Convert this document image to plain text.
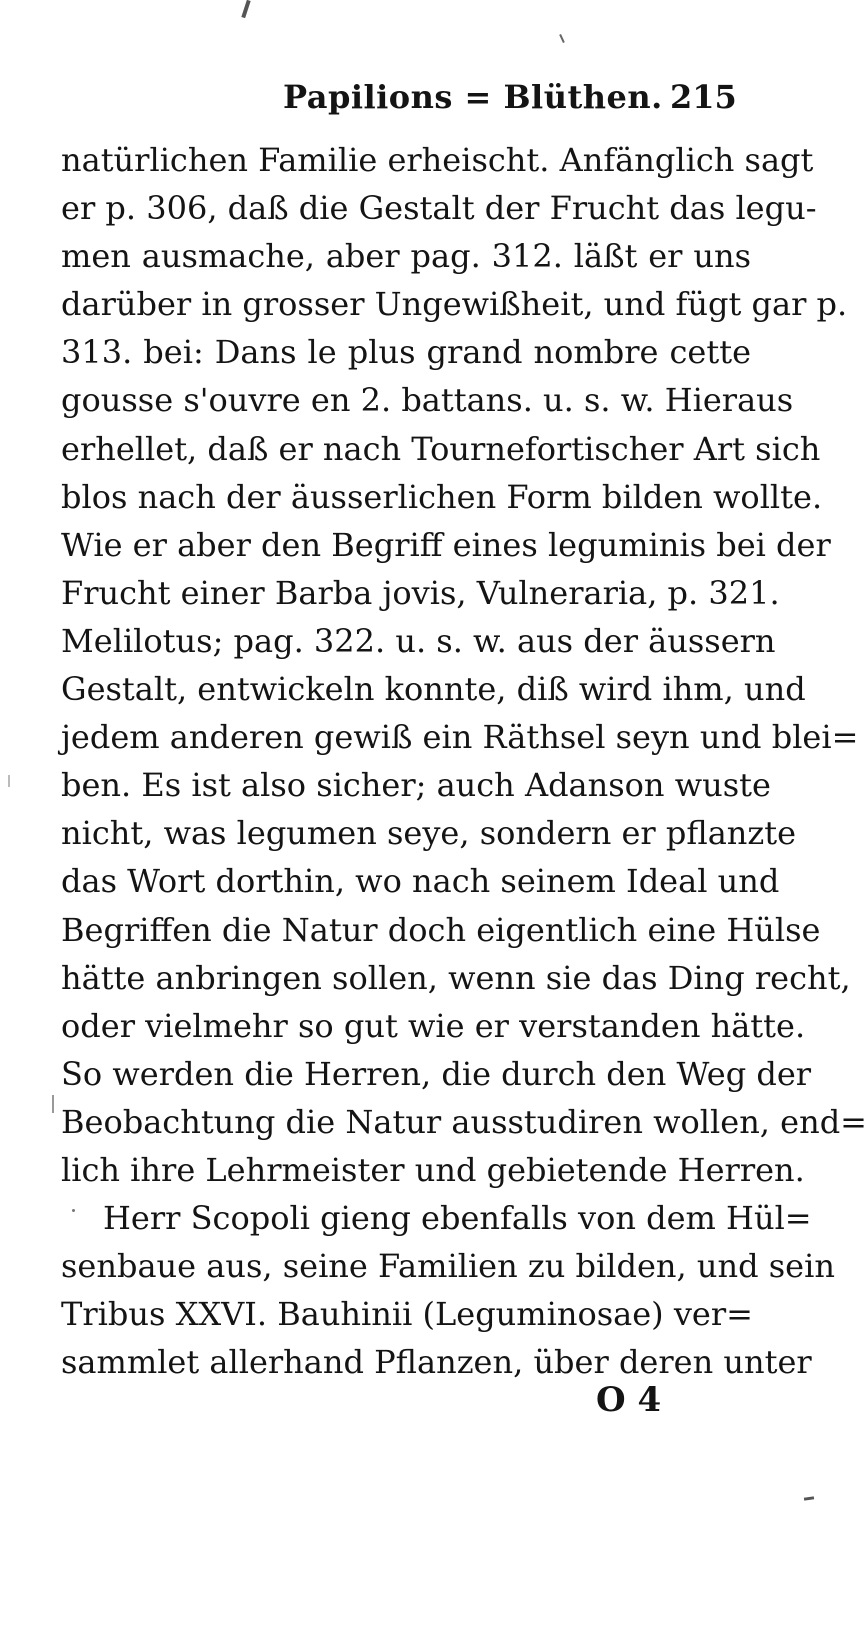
Papilions = Blüthen. 215
natürlichen Familie erheischt. Anfänglich sagt
er p. 306, daß die Gestalt der Frucht das legu-
men ausmache, aber pag. 312. läßt er uns
darüber in grosser Ungewißheit, und fügt gar p.
313. bei: Dans le plus grand nombre cette
gousse s'ouvre en 2. battans. u. s. w. Hieraus
erhellet, daß er nach Tournefortischer Art sich
blos nach der äusserlichen Form bilden wollte.
Wie er aber den Begriff eines leguminis bei der
Frucht einer Barba jovis, Vulneraria, p. 321.
Melilotus; pag. 322. u. s. w. aus der äussern
Gestalt, entwickeln konnte, diß wird ihm, und
jedem anderen gewiß ein Räthsel seyn und blei=
ben. Es ist also sicher; auch Adanson wuste
nicht, was legumen seye, sondern er pflanzte
das Wort dorthin, wo nach seinem Ideal und
Begriffen die Natur doch eigentlich eine Hülse
hätte anbringen sollen, wenn sie das Ding recht,
oder vielmehr so gut wie er verstanden hätte.
So werden die Herren, die durch den Weg der
Beobachtung die Natur ausstudiren wollen, end=
lich ihre Lehrmeister und gebietende Herren.
Herr Scopoli gieng ebenfalls von dem Hül=
senbaue aus, seine Familien zu bilden, und sein
Tribus XXVI. Bauhinii (Leguminosae) ver=
sammlet allerhand Pflanzen, über deren unter
O 4
